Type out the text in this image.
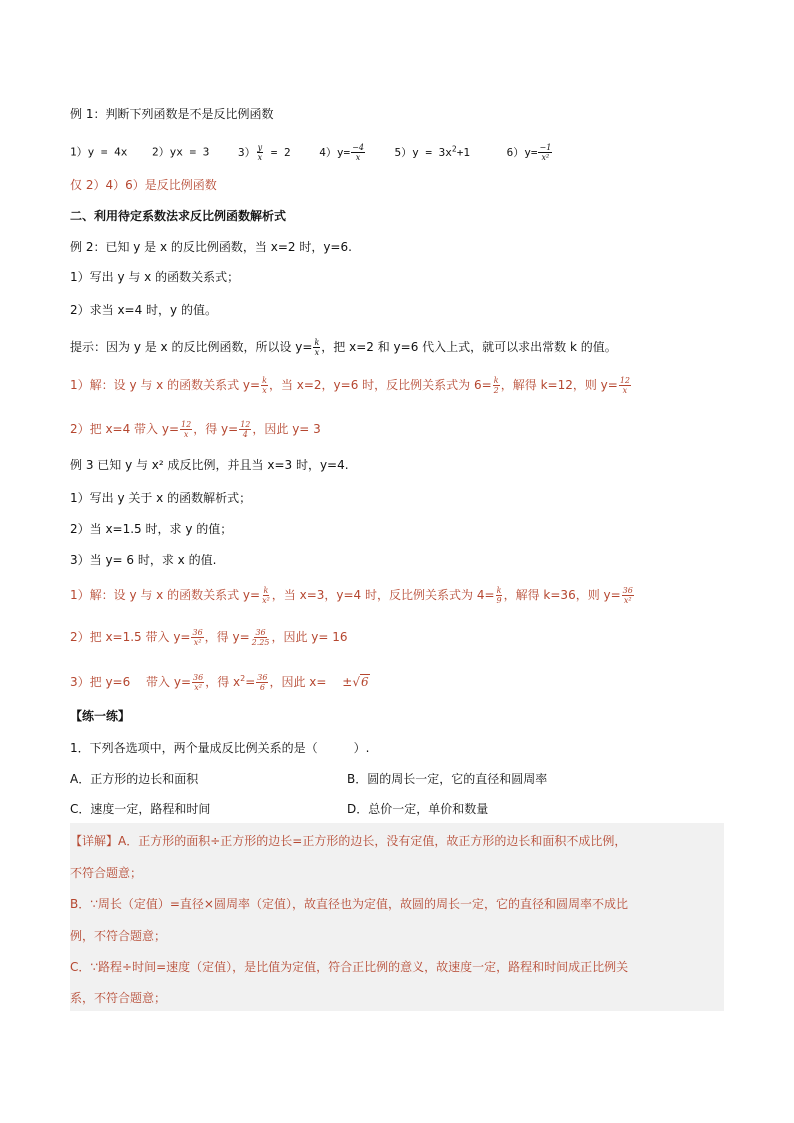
例 1：判断下列函数是不是反比例函数
1）y = 4x 2）yx = 3	$3) \frac{y}{x} = 2$	$4)y= \frac{-4}{x}$	$5)y = 3x^2+1$	$6)y= \frac{-1}{\text{x²}}$
仅 2）4）6）是反比例函数
二、利用待定系数法求反比例函数解析式
例 2：已知 y 是 x 的反比例函数，当 x=2 时，y=6.
1）写出 y 与 x 的函数关系式；
2）求当 x=4 时，y 的值。
提示：因为 y 是 x 的反比例函数，所以设 $y= \frac{k}{x}$ ，把 x=2 和 y=6 代入上式，就可以求出常数 k 的值。
1）解：设 y 与 x 的函数关系式 $y= \frac{k}{x}$ ，当 x=2，y=6 时，反比例关系式为 $6= \frac{k}{2}$ ，解得 k=12，则 $y= \frac{12}{x}$
2）把 x=4 带入 $y= \frac{12}{x}$ ，得 $y= \frac{12}{4}$ ，因此 y= 3
例 3 已知 y 与 x² 成反比例，并且当 x=3 时，y=4.
1）写出 y 关于 x 的函数解析式；
2）当 x=1.5 时，求 y 的值；
3）当 y= 6 时，求 x 的值.
1）解：设 y 与 x 的函数关系式 $y= \frac{k}{\text{x²}}$ ，当 x=3，y=4 时，反比例关系式为 $4= \frac{k}{9}$ ，解得 k=36，则 $y= \frac{36}{\text{x²}}$
2）把 x=1.5 带入 $y= \frac{36}{\text{x²}}$ ，得 $y= \frac{36}{2.25}$ ，因此 y= 16
3）把 y=6　 带入 $y= \frac{36}{\text{x²}}$ ，得 $x^2= \frac{36}{6}$ ，因此 x=　 ±√6
【练一练】
1．下列各选项中，两个量成反比例关系的是（　　　）.
A．正方形的边长和面积	B．圆的周长一定，它的直径和圆周率
C．速度一定，路程和时间	D．总价一定，单价和数量
【详解】A．正方形的面积÷正方形的边长=正方形的边长，没有定值，故正方形的边长和面积不成比例，
不符合题意；
B．∵周长（定值）=直径×圆周率（定值），故直径也为定值，故圆的周长一定，它的直径和圆周率不成比
例，不符合题意；
C．∵路程÷时间=速度（定值），是比值为定值，符合正比例的意义，故速度一定，路程和时间成正比例关
系，不符合题意；
